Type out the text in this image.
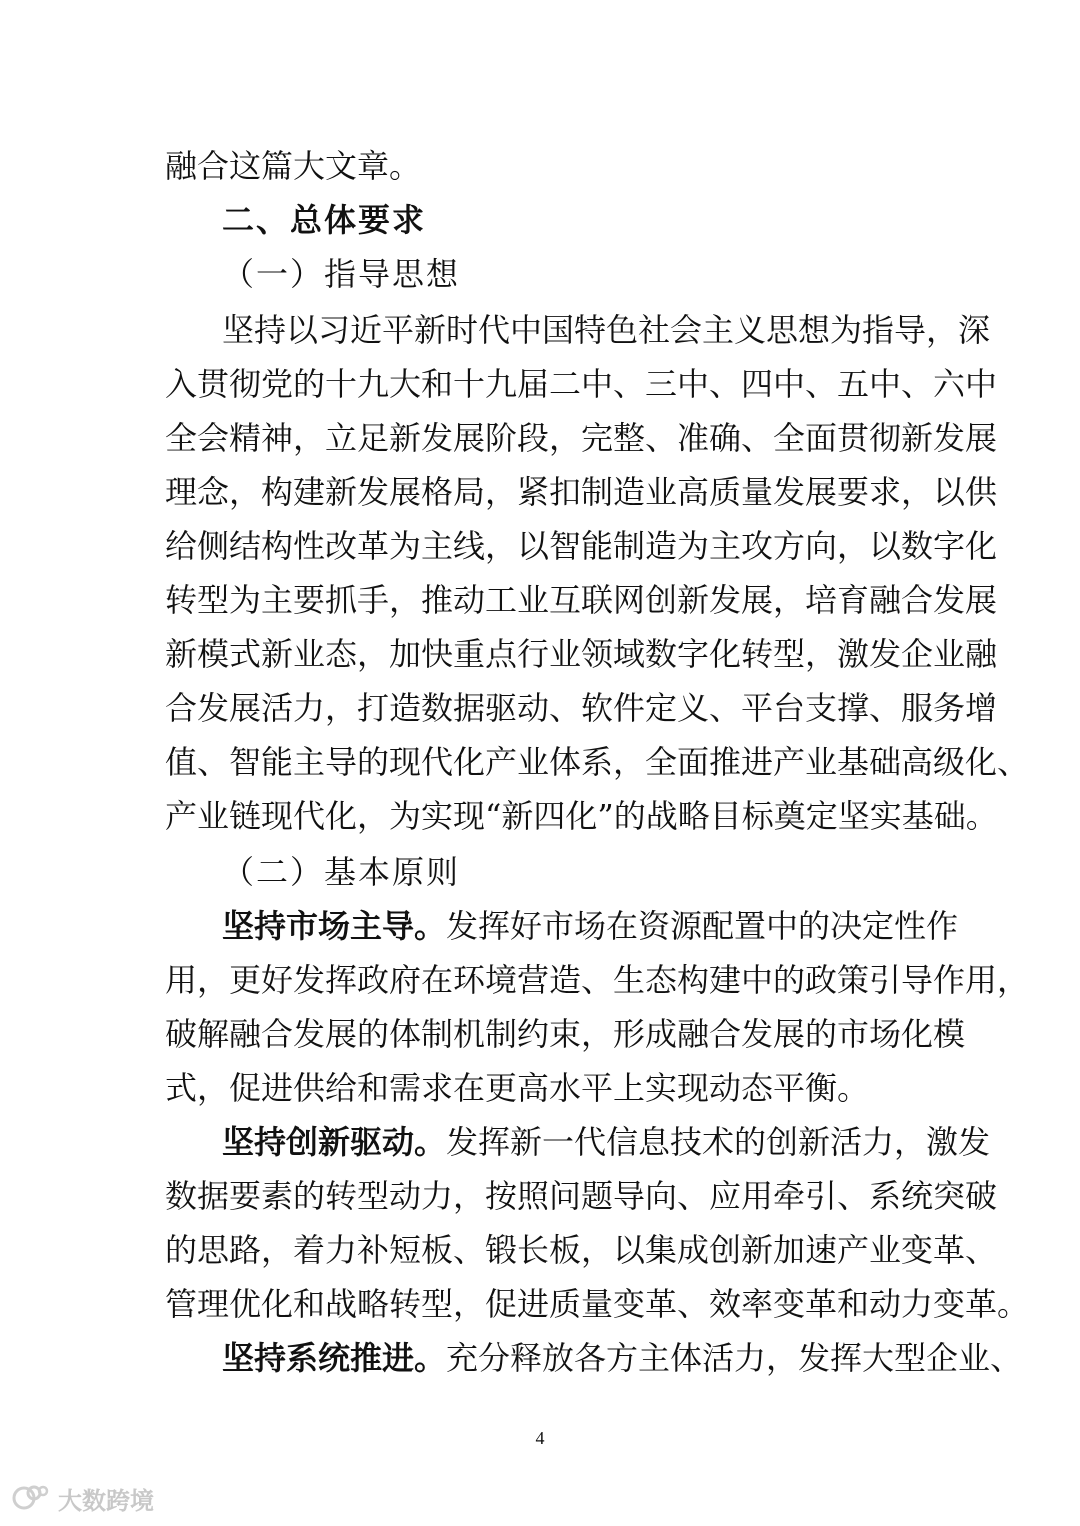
融合这篇大文章。
二、总体要求
（一）指导思想
坚持以习近平新时代中国特色社会主义思想为指导，深
入贯彻党的十九大和十九届二中、三中、四中、五中、六中
全会精神，立足新发展阶段，完整、准确、全面贯彻新发展
理念，构建新发展格局，紧扣制造业高质量发展要求，以供
给侧结构性改革为主线，以智能制造为主攻方向，以数字化
转型为主要抓手，推动工业互联网创新发展，培育融合发展
新模式新业态，加快重点行业领域数字化转型，激发企业融
合发展活力，打造数据驱动、软件定义、平台支撑、服务增
值、智能主导的现代化产业体系，全面推进产业基础高级化、
产业链现代化，为实现“新四化”的战略目标奠定坚实基础。
（二）基本原则
坚持市场主导。发挥好市场在资源配置中的决定性作
用，更好发挥政府在环境营造、生态构建中的政策引导作用，
破解融合发展的体制机制约束，形成融合发展的市场化模
式，促进供给和需求在更高水平上实现动态平衡。
坚持创新驱动。发挥新一代信息技术的创新活力，激发
数据要素的转型动力，按照问题导向、应用牵引、系统突破
的思路，着力补短板、锻长板，以集成创新加速产业变革、
管理优化和战略转型，促进质量变革、效率变革和动力变革。
坚持系统推进。充分释放各方主体活力，发挥大型企业、
4
大数跨境
